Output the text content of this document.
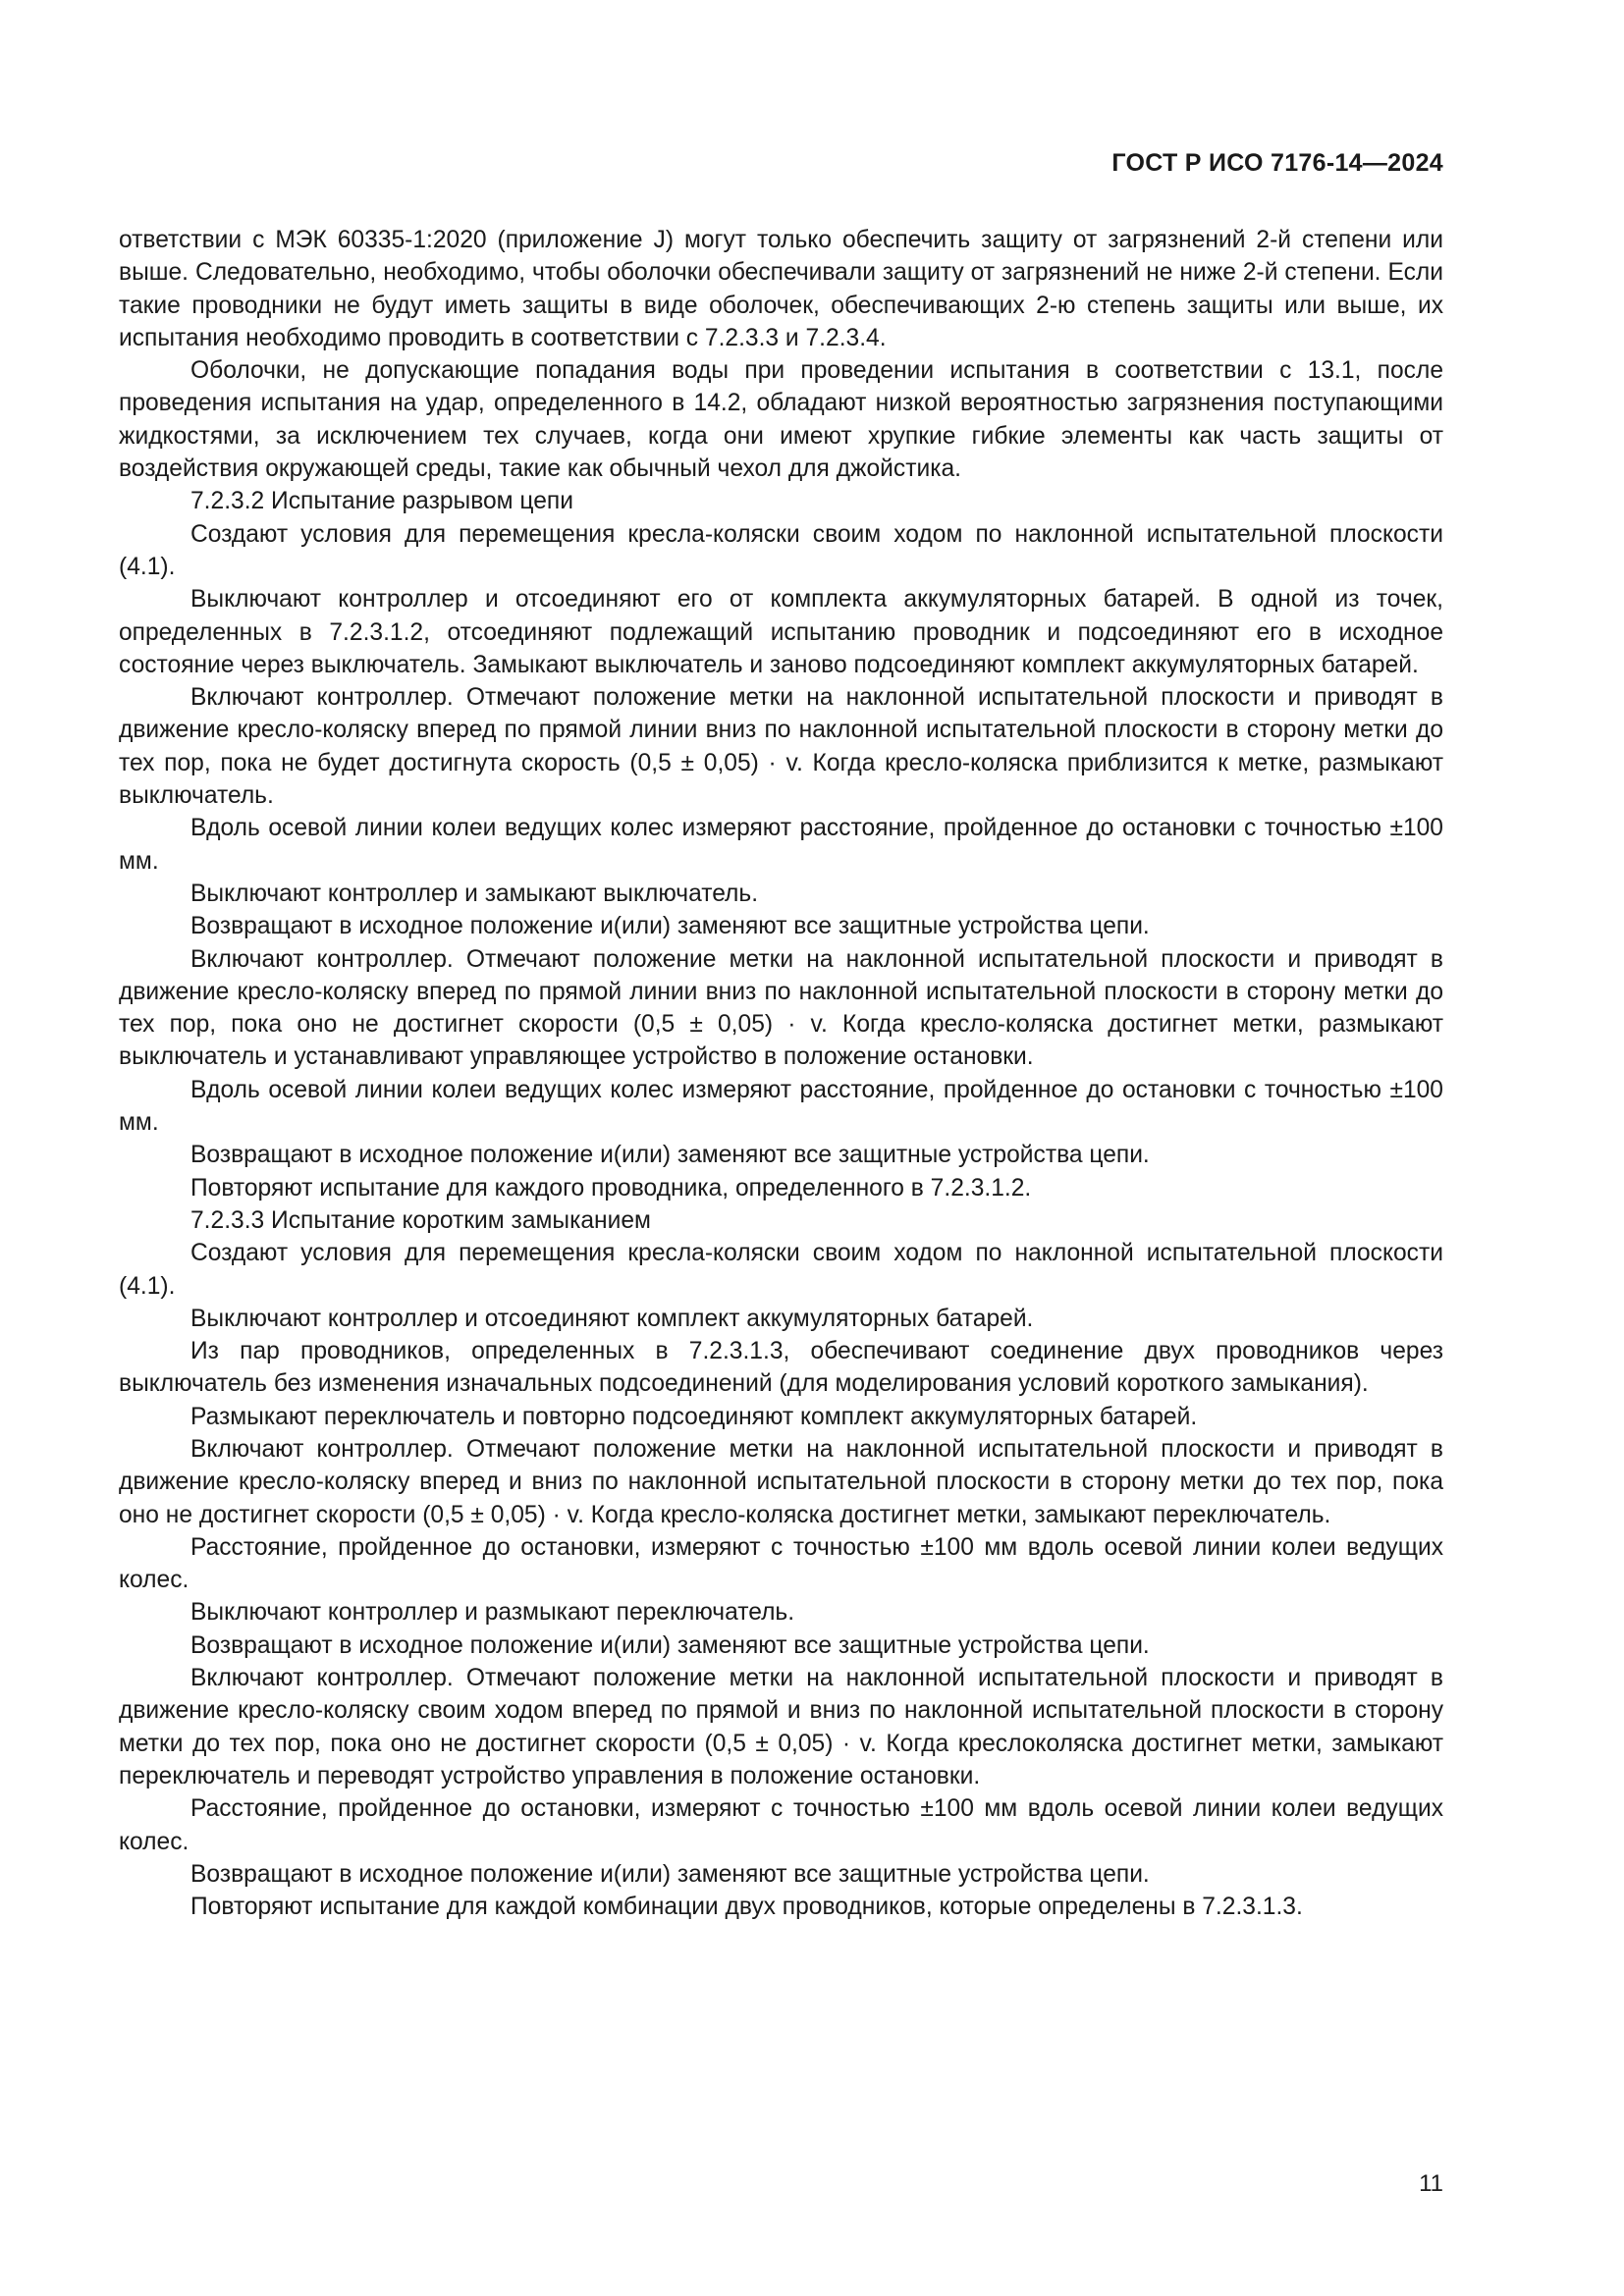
ГОСТ Р ИСО 7176-14—2024

ответствии с МЭК 60335-1:2020 (приложение J) могут только обеспечить защиту от загрязнений 2-й степени или выше. Следовательно, необходимо, чтобы оболочки обеспечивали защиту от загрязнений не ниже 2-й степени. Если такие проводники не будут иметь защиты в виде оболочек, обеспечивающих 2-ю степень защиты или выше, их испытания необходимо проводить в соответствии с 7.2.3.3 и 7.2.3.4.

Оболочки, не допускающие попадания воды при проведении испытания в соответствии с 13.1, после проведения испытания на удар, определенного в 14.2, обладают низкой вероятностью загрязнения поступающими жидкостями, за исключением тех случаев, когда они имеют хрупкие гибкие элементы как часть защиты от воздействия окружающей среды, такие как обычный чехол для джойстика.

7.2.3.2 Испытание разрывом цепи

Создают условия для перемещения кресла-коляски своим ходом по наклонной испытательной плоскости (4.1).

Выключают контроллер и отсоединяют его от комплекта аккумуляторных батарей. В одной из точек, определенных в 7.2.3.1.2, отсоединяют подлежащий испытанию проводник и подсоединяют его в исходное состояние через выключатель. Замыкают выключатель и заново подсоединяют комплект аккумуляторных батарей.

Включают контроллер. Отмечают положение метки на наклонной испытательной плоскости и приводят в движение кресло-коляску вперед по прямой линии вниз по наклонной испытательной плоскости в сторону метки до тех пор, пока не будет достигнута скорость (0,5 ± 0,05) · v. Когда кресло-коляска приблизится к метке, размыкают выключатель.

Вдоль осевой линии колеи ведущих колес измеряют расстояние, пройденное до остановки с точностью ±100 мм.

Выключают контроллер и замыкают выключатель.

Возвращают в исходное положение и(или) заменяют все защитные устройства цепи.

Включают контроллер. Отмечают положение метки на наклонной испытательной плоскости и приводят в движение кресло-коляску вперед по прямой линии вниз по наклонной испытательной плоскости в сторону метки до тех пор, пока оно не достигнет скорости (0,5 ± 0,05) · v. Когда кресло-коляска достигнет метки, размыкают выключатель и устанавливают управляющее устройство в положение остановки.

Вдоль осевой линии колеи ведущих колес измеряют расстояние, пройденное до остановки с точностью ±100 мм.

Возвращают в исходное положение и(или) заменяют все защитные устройства цепи.

Повторяют испытание для каждого проводника, определенного в 7.2.3.1.2.

7.2.3.3 Испытание коротким замыканием

Создают условия для перемещения кресла-коляски своим ходом по наклонной испытательной плоскости (4.1).

Выключают контроллер и отсоединяют комплект аккумуляторных батарей.

Из пар проводников, определенных в 7.2.3.1.3, обеспечивают соединение двух проводников через выключатель без изменения изначальных подсоединений (для моделирования условий короткого замыкания).

Размыкают переключатель и повторно подсоединяют комплект аккумуляторных батарей.

Включают контроллер. Отмечают положение метки на наклонной испытательной плоскости и приводят в движение кресло-коляску вперед и вниз по наклонной испытательной плоскости в сторону метки до тех пор, пока оно не достигнет скорости (0,5 ± 0,05) · v. Когда кресло-коляска достигнет метки, замыкают переключатель.

Расстояние, пройденное до остановки, измеряют с точностью ±100 мм вдоль осевой линии колеи ведущих колес.

Выключают контроллер и размыкают переключатель.

Возвращают в исходное положение и(или) заменяют все защитные устройства цепи.

Включают контроллер. Отмечают положение метки на наклонной испытательной плоскости и приводят в движение кресло-коляску своим ходом вперед по прямой и вниз по наклонной испытательной плоскости в сторону метки до тех пор, пока оно не достигнет скорости (0,5 ± 0,05) · v. Когда креслоколяска достигнет метки, замыкают переключатель и переводят устройство управления в положение остановки.

Расстояние, пройденное до остановки, измеряют с точностью ±100 мм вдоль осевой линии колеи ведущих колес.

Возвращают в исходное положение и(или) заменяют все защитные устройства цепи.

Повторяют испытание для каждой комбинации двух проводников, которые определены в 7.2.3.1.3.

11
